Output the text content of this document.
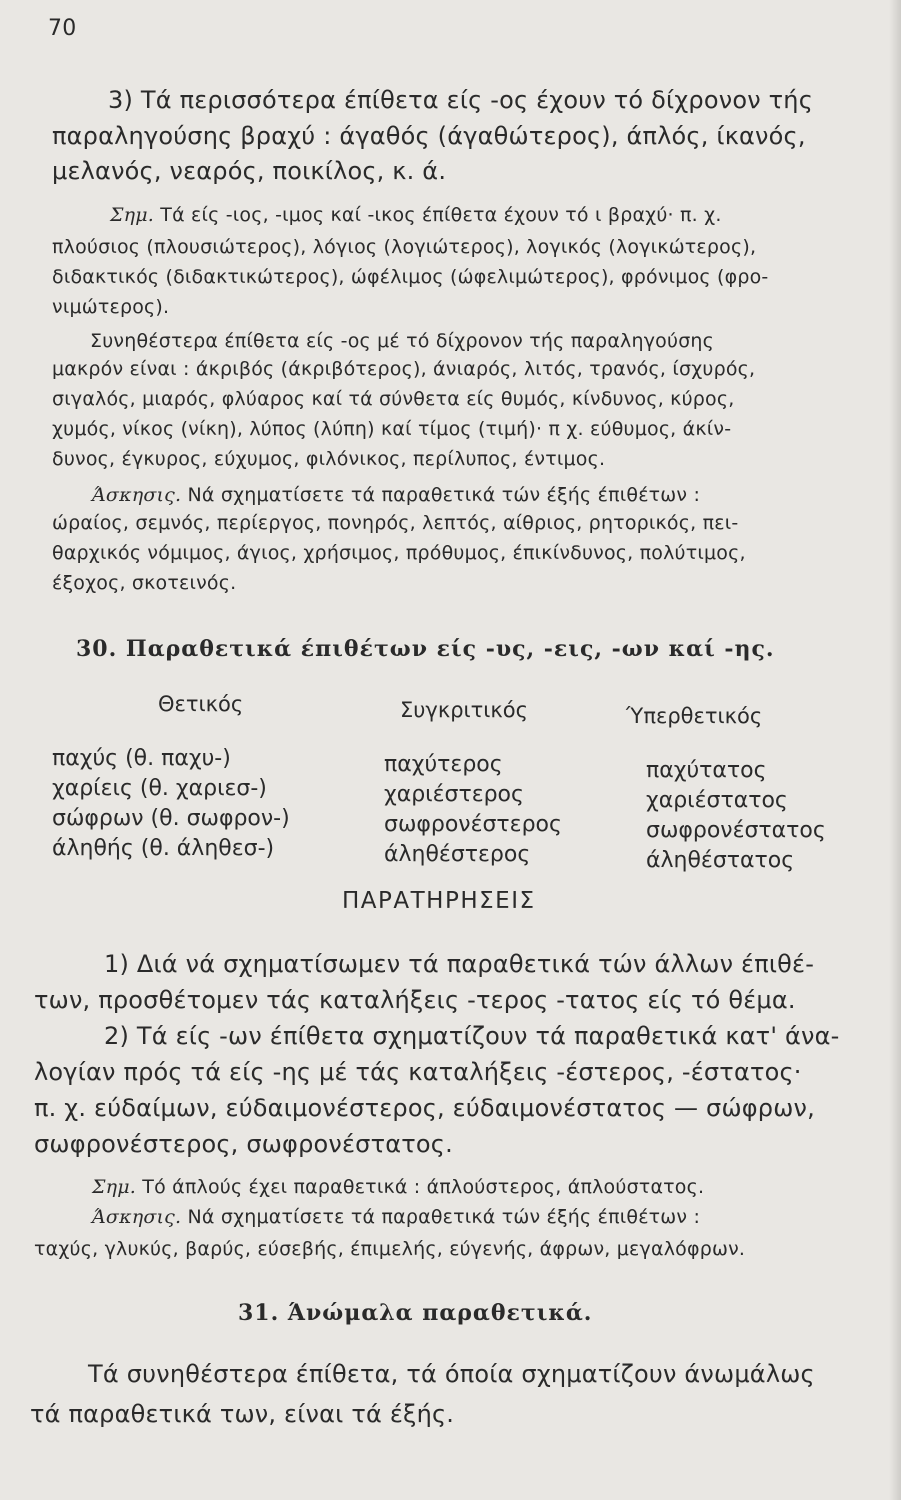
70
3) Τά περισσότερα έπίθετα είς -ος έχουν τό δίχρονον τής
παραληγούσης βραχύ : άγαθός (άγαθώτερος), άπλός, ίκανός,
μελανός, νεαρός, ποικίλος, κ. ά.
Σημ. Τά είς -ιος, -ιμος καί -ικος έπίθετα έχουν τό ι βραχύ· π. χ.
πλούσιος (πλουσιώτερος), λόγιος (λογιώτερος), λογικός (λογικώτερος),
διδακτικός (διδακτικώτερος), ώφέλιμος (ώφελιμώτερος), φρόνιμος (φρο-
νιμώτερος).
Συνηθέστερα έπίθετα είς -ος μέ τό δίχρονον τής παραληγούσης
μακρόν είναι : άκριβός (άκριβότερος), άνιαρός, λιτός, τρανός, ίσχυρός,
σιγαλός, μιαρός, φλύαρος καί τά σύνθετα είς θυμός, κίνδυνος, κύρος,
χυμός, νίκος (νίκη), λύπος (λύπη) καί τίμος (τιμή)· π χ. εύθυμος, άκίν-
δυνος, έγκυρος, εύχυμος, φιλόνικος, περίλυπος, έντιμος.
Άσκησις. Νά σχηματίσετε τά παραθετικά τών έξής έπιθέτων :
ώραίος, σεμνός, περίεργος, πονηρός, λεπτός, αίθριος, ρητορικός, πει-
θαρχικός νόμιμος, άγιος, χρήσιμος, πρόθυμος, έπικίνδυνος, πολύτιμος,
έξοχος, σκοτεινός.
30. Παραθετικά έπιθέτων είς -υς, -εις, -ων καί -ης.
Θετικός
παχύς (θ. παχυ-)
χαρίεις (θ. χαριεσ-)
σώφρων (θ. σωφρον-)
άληθής (θ. άληθεσ-)
Συγκριτικός
παχύτερος
χαριέστερος
σωφρονέστερος
άληθέστερος
Ύπερθετικός
παχύτατος
χαριέστατος
σωφρονέστατος
άληθέστατος
ΠΑΡΑΤΗΡΗΣΕΙΣ
1) Διά νά σχηματίσωμεν τά παραθετικά τών άλλων έπιθέ-
των, προσθέτομεν τάς καταλήξεις -τερος -τατος είς τό θέμα.
2) Τά είς -ων έπίθετα σχηματίζουν τά παραθετικά κατ' άνα-
λογίαν πρός τά είς -ης μέ τάς καταλήξεις -έστερος, -έστατος·
π. χ. εύδαίμων, εύδαιμονέστερος, εύδαιμονέστατος — σώφρων,
σωφρονέστερος, σωφρονέστατος.
Σημ. Τό άπλούς έχει παραθετικά : άπλούστερος, άπλούστατος.
Άσκησις. Νά σχηματίσετε τά παραθετικά τών έξής έπιθέτων :
ταχύς, γλυκύς, βαρύς, εύσεβής, έπιμελής, εύγενής, άφρων, μεγαλόφρων.
31. Άνώμαλα παραθετικά.
Τά συνηθέστερα έπίθετα, τά όποία σχηματίζουν άνωμάλως
τά παραθετικά των, είναι τά έξής.
